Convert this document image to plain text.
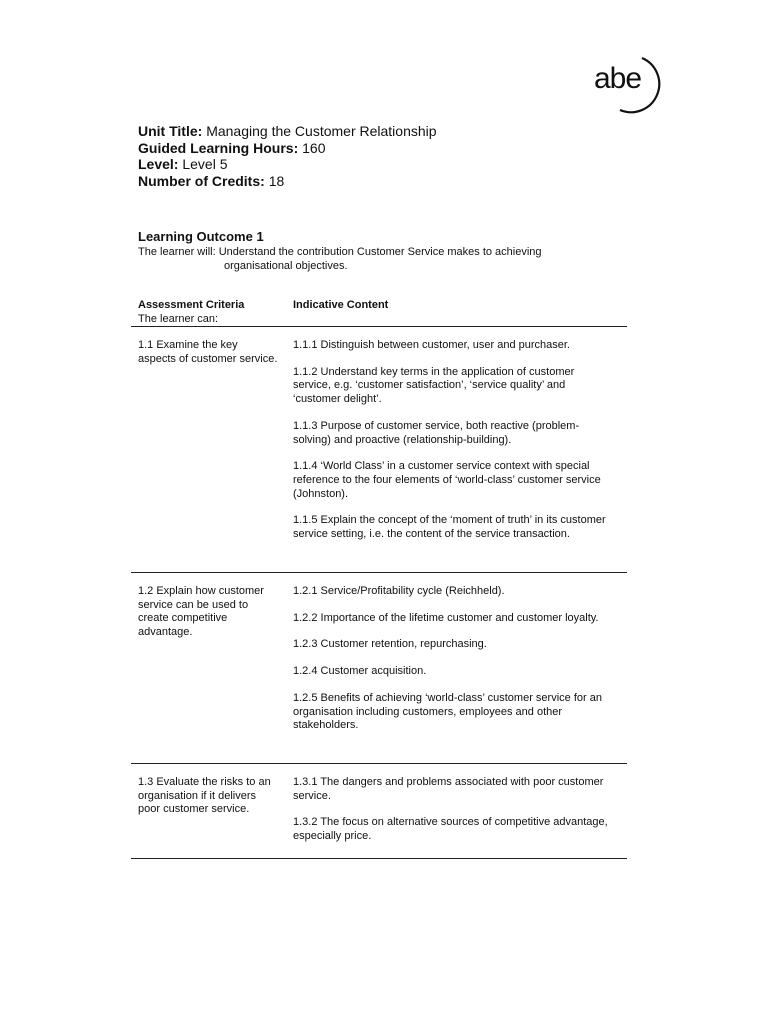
abe
Unit Title: Managing the Customer Relationship
Guided Learning Hours: 160
Level: Level 5
Number of Credits: 18
Learning Outcome 1
The learner will: Understand the contribution Customer Service makes to achieving
organisational objectives.
Assessment Criteria
The learner can:
Indicative Content
1.1 Examine the key aspects of customer service.
1.1.1 Distinguish between customer, user and purchaser.
1.1.2 Understand key terms in the application of customer service, e.g. ‘customer satisfaction’, ‘service quality’ and ‘customer delight’.
1.1.3 Purpose of customer service, both reactive (problem-solving) and proactive (relationship-building).
1.1.4 ‘World Class’ in a customer service context with special reference to the four elements of ‘world-class’ customer service (Johnston).
1.1.5 Explain the concept of the ‘moment of truth’ in its customer service setting, i.e. the content of the service transaction.
1.2 Explain how customer service can be used to create competitive advantage.
1.2.1 Service/Profitability cycle (Reichheld).
1.2.2 Importance of the lifetime customer and customer loyalty.
1.2.3 Customer retention, repurchasing.
1.2.4 Customer acquisition.
1.2.5 Benefits of achieving ‘world-class’ customer service for an organisation including customers, employees and other stakeholders.
1.3 Evaluate the risks to an organisation if it delivers poor customer service.
1.3.1 The dangers and problems associated with poor customer service.
1.3.2 The focus on alternative sources of competitive advantage, especially price.
